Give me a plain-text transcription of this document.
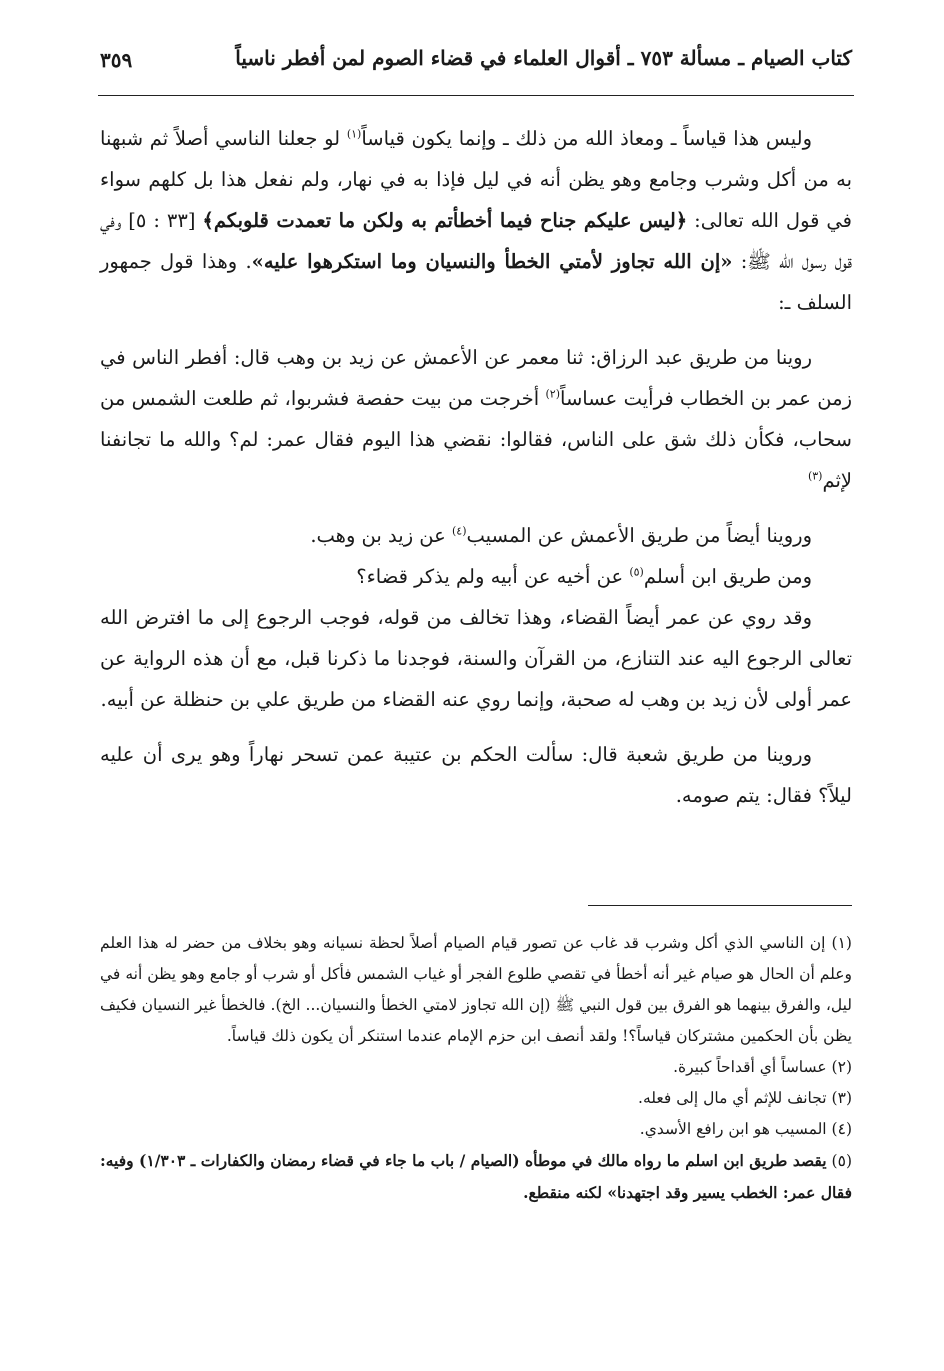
كتاب الصيام ـ مسألة ٧٥٣ ـ أقوال العلماء في قضاء الصوم لمن أفطر ناسياً
٣٥٩

وليس هذا قياساً ـ ومعاذ الله من ذلك ـ وإنما يكون قياساً$^{(١)}$ لو جعلنا الناسي أصلاً ثم شبهنا به من أكل وشرب وجامع وهو يظن أنه في ليل فإذا به في نهار، ولم نفعل هذا بل كلهم سواء في قول الله تعالى: ﴿ليس عليكم جناح فيما أخطأتم به ولكن ما تعمدت قلوبكم﴾ [٣٣ : ٥] وفي قول رسول الله ﷺ: «إن الله تجاوز لأمتي الخطأ والنسيان وما استكرهوا عليه». وهذا قول جمهور السلف ـ:

روينا من طريق عبد الرزاق: ثنا معمر عن الأعمش عن زيد بن وهب قال: أفطر الناس في زمن عمر بن الخطاب فرأيت عساساً$^{(٢)}$ أخرجت من بيت حفصة فشربوا، ثم طلعت الشمس من سحاب، فكأن ذلك شق على الناس، فقالوا: نقضي هذا اليوم فقال عمر: لم؟ والله ما تجانفنا لإثم$^{(٣)}$

وروينا أيضاً من طريق الأعمش عن المسيب$^{(٤)}$ عن زيد بن وهب.

ومن طريق ابن أسلم$^{(٥)}$ عن أخيه عن أبيه ولم يذكر قضاء؟

وقد روي عن عمر أيضاً القضاء، وهذا تخالف من قوله، فوجب الرجوع إلى ما افترض الله تعالى الرجوع اليه عند التنازع، من القرآن والسنة، فوجدنا ما ذكرنا قبل، مع أن هذه الرواية عن عمر أولى لأن زيد بن وهب له صحبة، وإنما روي عنه القضاء من طريق علي بن حنظلة عن أبيه.

وروينا من طريق شعبة قال: سألت الحكم بن عتيبة عمن تسحر نهاراً وهو يرى أن عليه ليلاً؟ فقال: يتم صومه.

(١) إن الناسي الذي أكل وشرب قد غاب عن تصور قيام الصيام أصلاً لحظة نسيانه وهو بخلاف من حضر له هذا العلم وعلم أن الحال هو صيام غير أنه أخطأ في تقصي طلوع الفجر أو غياب الشمس فأكل أو شرب أو جامع وهو يظن أنه في ليل، والفرق بينهما هو الفرق بين قول النبي ﷺ (إن الله تجاوز لامتي الخطأ والنسيان... الخ). فالخطأ غير النسيان فكيف يظن بأن الحكمين مشتركان قياساً؟! ولقد أنصف ابن حزم الإمام عندما استنكر أن يكون ذلك قياساً.

(٢) عساساً أي أقداحاً كبيرة.

(٣) تجانف للإثم أي مال إلى فعله.

(٤) المسيب هو ابن رافع الأسدي.

(٥) يقصد طريق ابن اسلم ما رواه مالك في موطأه (الصيام / باب ما جاء في قضاء رمضان والكفارات ـ ١/٣٠٣) وفيه: فقال عمر: الخطب يسير وقد اجتهدنا» لكنه منقطع.
